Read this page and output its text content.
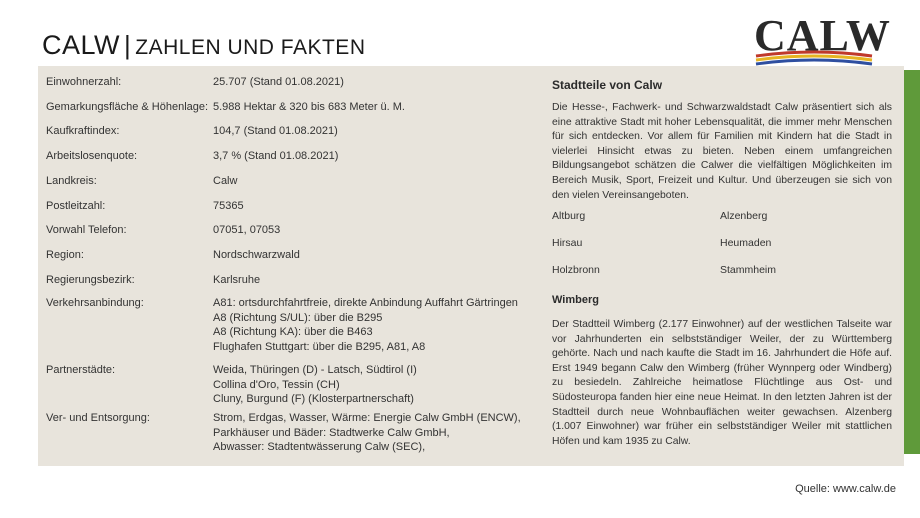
CALW | ZAHLEN UND FAKTEN	CALW
Einwohnerzahl:	25.707 (Stand 01.08.2021)
Gemarkungsfläche & Höhenlage: 5.988 Hektar & 320 bis 683 Meter ü. M.
Kaufkraftindex:	104,7 (Stand 01.08.2021)
Arbeitslosenquote:	3,7 % (Stand 01.08.2021)
Landkreis:	Calw
Postleitzahl:	75365
Vorwahl Telefon:	07051, 07053
Region:	Nordschwarzwald
Regierungsbezirk:	Karlsruhe
Verkehrsanbindung:	A81: ortsdurchfahrtfreie, direkte Anbindung Auffahrt Gärtringen
A8 (Richtung S/UL): über die B295
A8 (Richtung KA): über die B463
Flughafen Stuttgart: über die B295, A81, A8
Partnerstädte:	Weida, Thüringen (D) - Latsch, Südtirol (I)
Collina d'Oro, Tessin (CH)
Cluny, Burgund (F) (Klosterpartnerschaft)
Ver- und Entsorgung:	Strom, Erdgas, Wasser, Wärme: Energie Calw GmbH (ENCW),
Parkhäuser und Bäder: Stadtwerke Calw GmbH,
Abwasser: Stadtentwässerung Calw (SEC),
Stadtteile von Calw

Die Hesse-, Fachwerk- und Schwarzwaldstadt Calw präsentiert sich als eine attraktive Stadt mit hoher Lebensqualität, die immer mehr Menschen für sich entdecken. Vor allem für Familien mit Kindern hat die Stadt in vielerlei Hinsicht etwas zu bieten. Neben einem umfangreichen Bildungsangebot schätzen die Calwer die vielfältigen Möglichkeiten im Bereich Musik, Sport, Freizeit und Kultur. Und überzeugen sie sich von den vielen Vereinsangeboten.

Altburg	Alzenberg
Hirsau	Heumaden
Holzbronn	Stammheim
Wimberg

Der Stadtteil Wimberg (2.177 Einwohner) auf der westlichen Talseite war vor Jahrhunderten ein selbstständiger Weiler, der zu Württemberg gehörte. Nach und nach kaufte die Stadt im 16. Jahrhundert die Höfe auf. Erst 1949 begann Calw den Wimberg (früher Wynnperg oder Windberg) zu besiedeln. Zahlreiche heimatlose Flüchtlinge aus Ost- und Südosteuropa fanden hier eine neue Heimat. In den letzten Jahren ist der Stadtteil durch neue Wohnbauflächen weiter gewachsen. Alzenberg (1.007 Einwohner) war früher ein selbstständiger Weiler mit stattlichen Höfen und kam 1935 zu Calw.

Quelle: www.calw.de
